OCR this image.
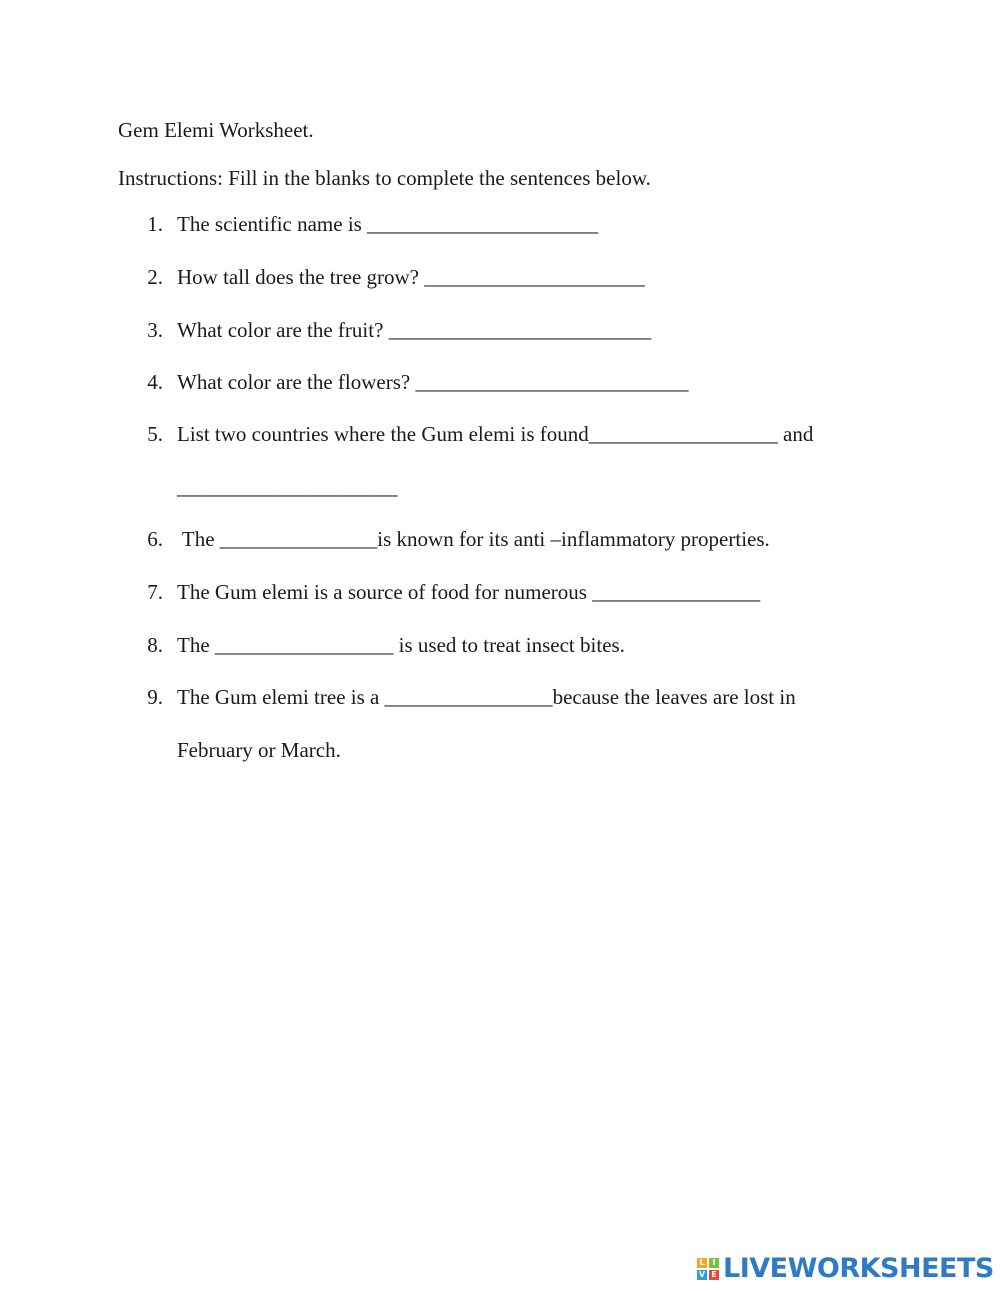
Gem Elemi Worksheet.
Instructions: Fill in the blanks to complete the sentences below.
1. The scientific name is ______________________
2. How tall does the tree grow? _____________________
3. What color are the fruit? _________________________
4. What color are the flowers? __________________________
5. List two countries where the Gum elemi is found__________________ and
_____________________
6. The _______________is known for its anti –inflammatory properties.
7. The Gum elemi is a source of food for numerous ________________
8. The _________________ is used to treat insect bites.
9. The Gum elemi tree is a ________________because the leaves are lost in
February or March.
L I
V E LIVEWORKSHEETS
